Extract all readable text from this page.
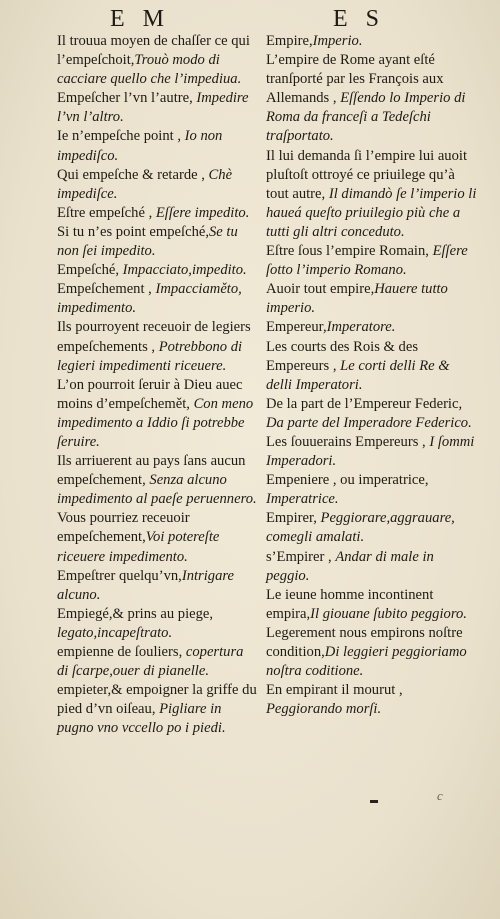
E M	E S

Il trouua moyen de chaſſer ce qui l’empeſchoit,Trouò modo di cacciare quello che l’impediua.

Empeſcher l’vn l’autre, Impedire l’vn l’altro.

Ie n’empeſche point , Io non impediſco.

Qui empeſche & retarde , Chè impediſce.

Eſtre empeſché , Eſſere impedito.

Si tu n’es point empeſché,Se tu non ſei impedito.

Empeſché, Impacciato,impedito.

Empeſchement , Impacciaměto, impedimento.

Ils pourroyent receuoir de legiers empeſchements , Potrebbono di legieri impedimenti riceuere.

L’on pourroit ſeruir à Dieu auec moins d’empeſchemět, Con meno impedimento a Iddio ſi potrebbe ſeruire.

Ils arriuerent au pays ſans aucun empeſchement, Senza alcuno impedimento al paeſe peruennero.

Vous pourriez receuoir empeſchement,Voi potereſte riceuere impedimento.

Empeſtrer quelqu’vn,Intrigare alcuno.

Empiegé,& prins au piege, legato,incapeſtrato.

empienne de ſouliers, copertura di ſcarpe,ouer di pianelle.

empieter,& empoigner la griffe du pied d’vn oiſeau, Pigliare in pugno vno vccello po i piedi.

Empire,Imperio.

L’empire de Rome ayant eſté tranſporté par les François aux Allemands , Eſſendo lo Imperio di Roma da franceſi a Tedeſchi traſportato.

Il lui demanda ſi l’empire lui auoit pluſtoſt ottroyé ce priuilege qu’à tout autre, Il dimandò ſe l’imperio li haueá queſto priuilegio più che a tutti gli altri conceduto.

Eſtre ſous l’empire Romain, Eſſere ſotto l’imperio Romano.

Auoir tout empire,Hauere tutto imperio.

Empereur,Imperatore.

Les courts des Rois & des Empereurs , Le corti delli Re & delli Imperatori.

De la part de l’Empereur Federic, Da parte del Imperadore Federico.

Les ſouuerains Empereurs , I ſommi Imperadori.

Empeniere , ou imperatrice, Imperatrice.

Empirer, Peggiorare,aggrauare, comegli amalati.

s’Empirer , Andar di male in peggio.

Le ieune homme incontinent empira,Il giouane ſubito peggioro.

Legerement nous empirons noſtre condition,Di leggieri peggioriamo noſtra coditione.

En empirant il mourut , Peggiorando morſi.

c
